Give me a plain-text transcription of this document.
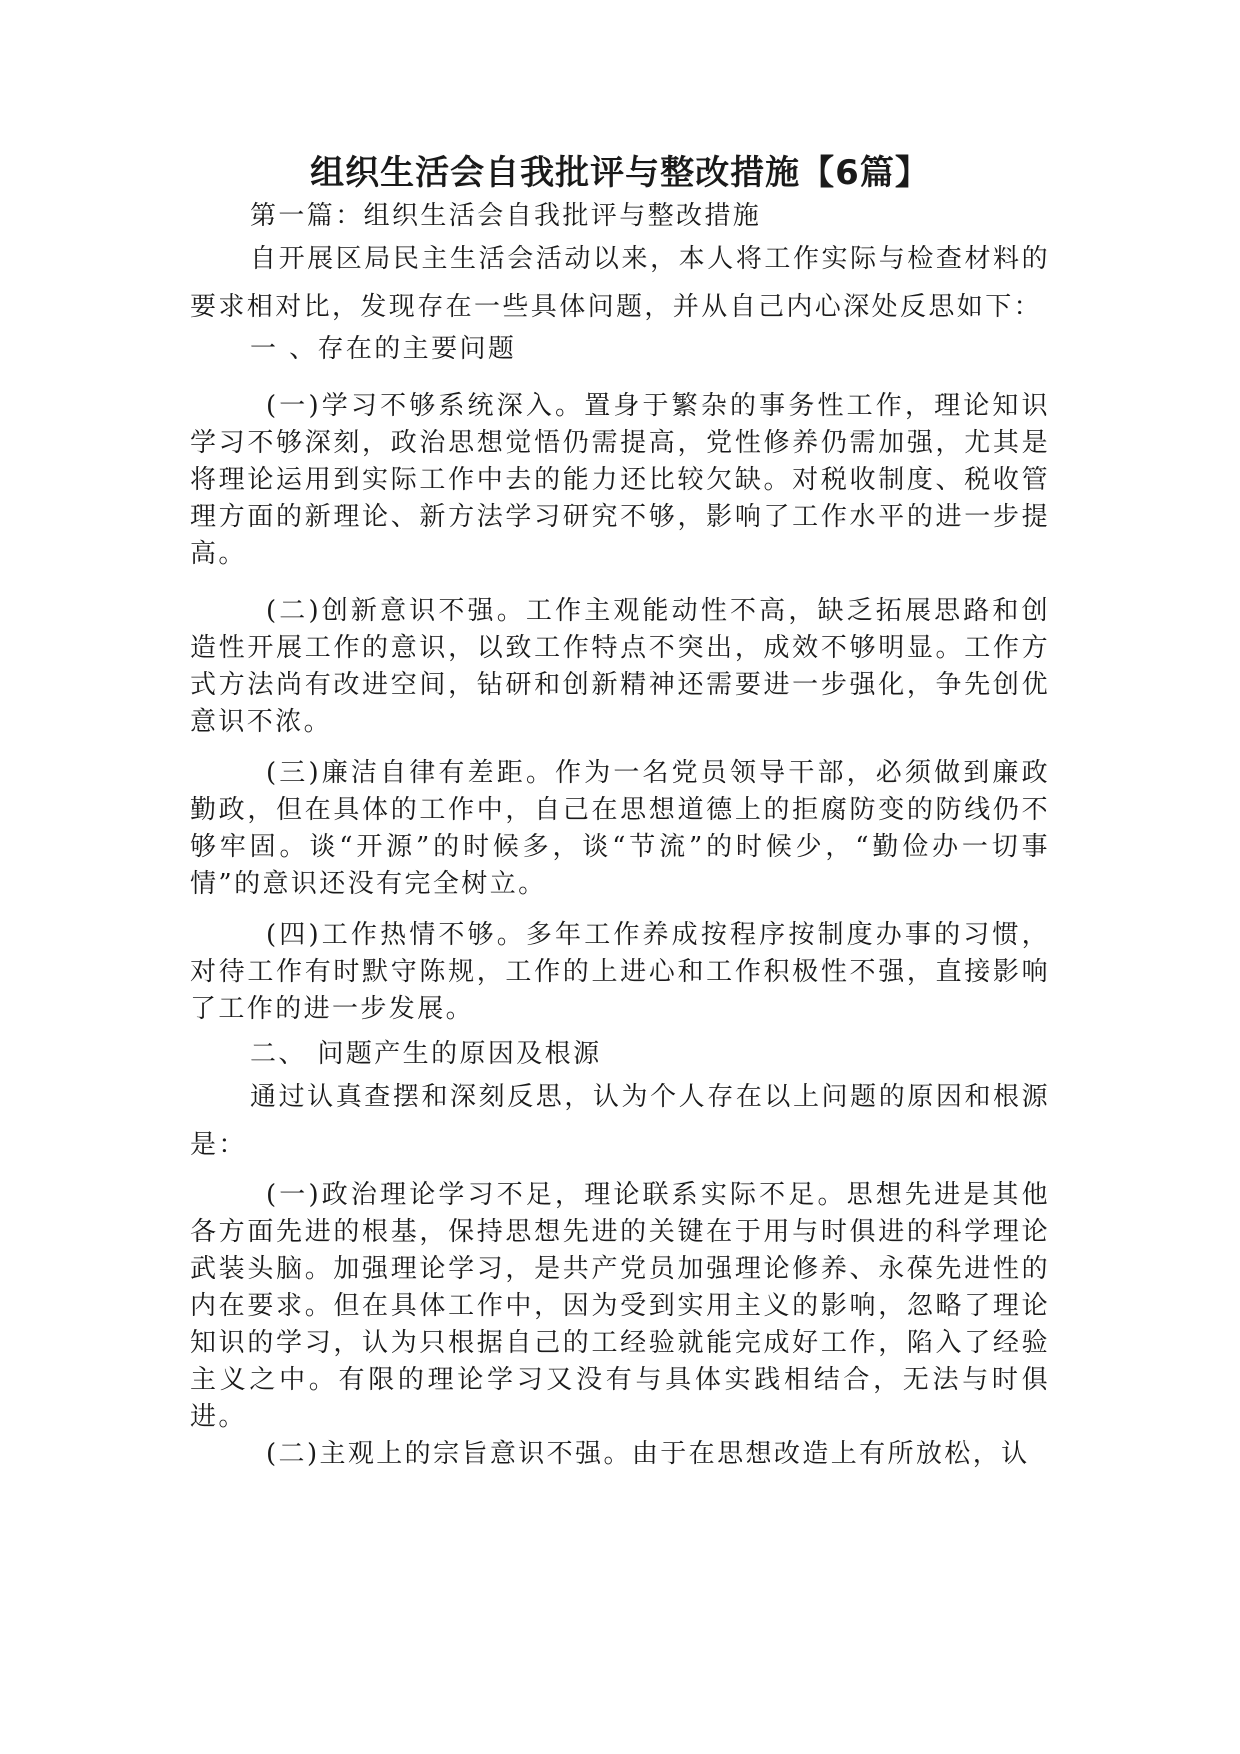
组织生活会自我批评与整改措施【6篇】

第一篇：组织生活会自我批评与整改措施

自开展区局民主生活会活动以来，本人将工作实际与检查材料的要求相对比，发现存在一些具体问题，并从自己内心深处反思如下：

一 、存在的主要问题

(一)学习不够系统深入。置身于繁杂的事务性工作，理论知识学习不够深刻，政治思想觉悟仍需提高，党性修养仍需加强，尤其是将理论运用到实际工作中去的能力还比较欠缺。对税收制度、税收管理方面的新理论、新方法学习研究不够，影响了工作水平的进一步提高。

(二)创新意识不强。工作主观能动性不高，缺乏拓展思路和创造性开展工作的意识，以致工作特点不突出，成效不够明显。工作方式方法尚有改进空间，钻研和创新精神还需要进一步强化，争先创优意识不浓。

(三)廉洁自律有差距。作为一名党员领导干部，必须做到廉政勤政，但在具体的工作中，自己在思想道德上的拒腐防变的防线仍不够牢固。谈“开源”的时候多，谈“节流”的时候少，“勤俭办一切事情”的意识还没有完全树立。

(四)工作热情不够。多年工作养成按程序按制度办事的习惯，对待工作有时默守陈规，工作的上进心和工作积极性不强，直接影响了工作的进一步发展。

二、 问题产生的原因及根源

通过认真查摆和深刻反思，认为个人存在以上问题的原因和根源是：

(一)政治理论学习不足，理论联系实际不足。思想先进是其他各方面先进的根基，保持思想先进的关键在于用与时俱进的科学理论武装头脑。加强理论学习，是共产党员加强理论修养、永葆先进性的内在要求。但在具体工作中，因为受到实用主义的影响，忽略了理论知识的学习，认为只根据自己的工经验就能完成好工作，陷入了经验主义之中。有限的理论学习又没有与具体实践相结合，无法与时俱进。

(二)主观上的宗旨意识不强。由于在思想改造上有所放松，认
